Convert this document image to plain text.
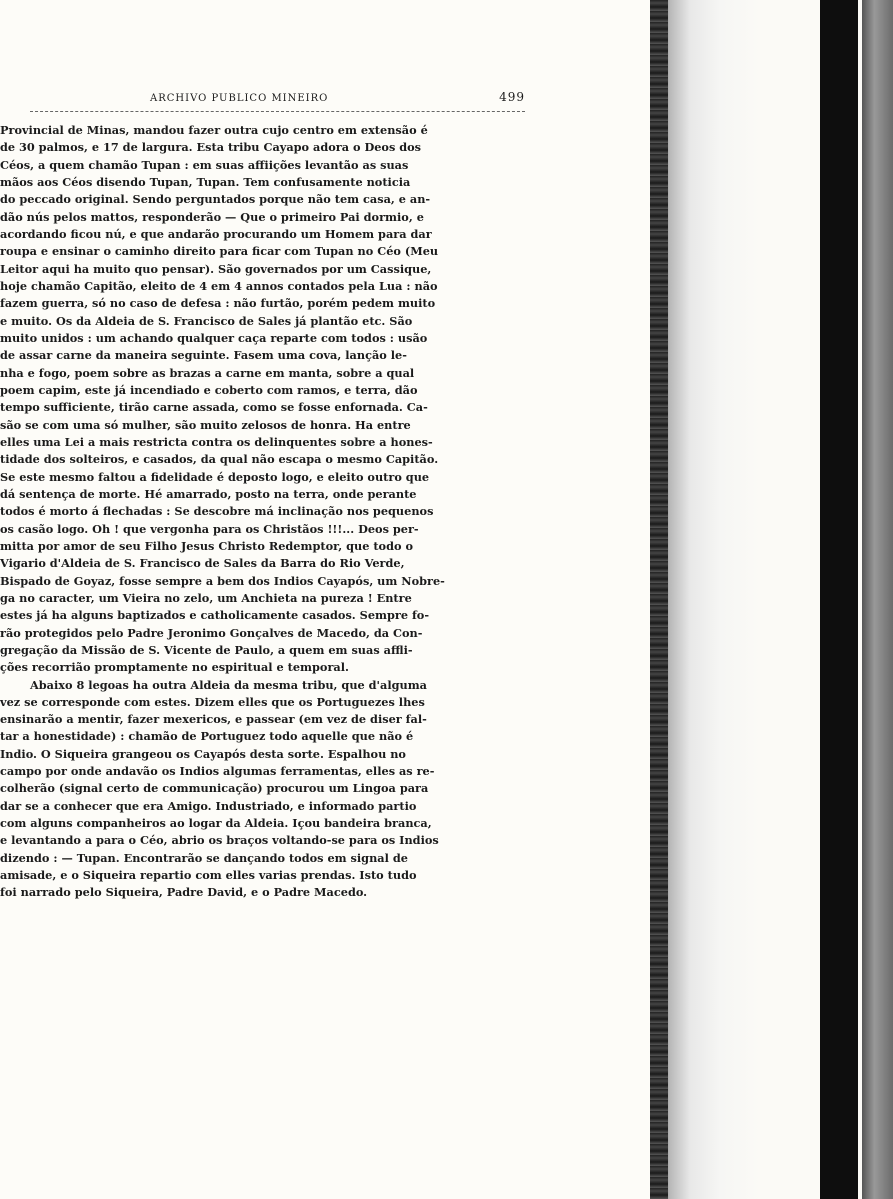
ARCHIVO PUBLICO MINEIRO	499
Provincial de Minas, mandou fazer outra cujo centro em extensão é
de 30 palmos, e 17 de largura. Esta tribu Cayapo adora o Deos dos
Céos, a quem chamão Tupan : em suas affiições levantão as suas
mãos aos Céos disendo Tupan, Tupan. Tem confusamente noticia
do peccado original. Sendo perguntados porque não tem casa, e an-
dão nús pelos mattos, responderão — Que o primeiro Pai dormio, e
acordando ficou nú, e que andarão procurando um Homem para dar
roupa e ensinar o caminho direito para ficar com Tupan no Céo (Meu
Leitor aqui ha muito quo pensar). São governados por um Cassique,
hoje chamão Capitão, eleito de 4 em 4 annos contados pela Lua : não
fazem guerra, só no caso de defesa : não furtão, porém pedem muito
e muito. Os da Aldeia de S. Francisco de Sales já plantão etc. São
muito unidos : um achando qualquer caça reparte com todos : usão
de assar carne da maneira seguinte. Fasem uma cova, lanção le-
nha e fogo, poem sobre as brazas a carne em manta, sobre a qual
poem capim, este já incendiado e coberto com ramos, e terra, dão
tempo sufficiente, tirão carne assada, como se fosse enfornada. Ca-
são se com uma só mulher, são muito zelosos de honra. Ha entre
elles uma Lei a mais restricta contra os delinquentes sobre a hones-
tidade dos solteiros, e casados, da qual não escapa o mesmo Capitão.
Se este mesmo faltou a fidelidade é deposto logo, e eleito outro que
dá sentença de morte. Hé amarrado, posto na terra, onde perante
todos é morto á flechadas : Se descobre má inclinação nos pequenos
os casão logo. Oh ! que vergonha para os Christãos !!!... Deos per-
mitta por amor de seu Filho Jesus Christo Redemptor, que todo o
Vigario d'Aldeia de S. Francisco de Sales da Barra do Rio Verde,
Bispado de Goyaz, fosse sempre a bem dos Indios Cayapós, um Nobre-
ga no caracter, um Vieira no zelo, um Anchieta na pureza ! Entre
estes já ha alguns baptizados e catholicamente casados. Sempre fo-
rão protegidos pelo Padre Jeronimo Gonçalves de Macedo, da Con-
gregação da Missão de S. Vicente de Paulo, a quem em suas affli-
ções recorrião promptamente no espiritual e temporal.
Abaixo 8 legoas ha outra Aldeia da mesma tribu, que d'alguma
vez se corresponde com estes. Dizem elles que os Portuguezes lhes
ensinarão a mentir, fazer mexericos, e passear (em vez de diser fal-
tar a honestidade) : chamão de Portuguez todo aquelle que não é
Indio. O Siqueira grangeou os Cayapós desta sorte. Espalhou no
campo por onde andavão os Indios algumas ferramentas, elles as re-
colherão (signal certo de communicação) procurou um Lingoa para
dar se a conhecer que era Amigo. Industriado, e informado partio
com alguns companheiros ao logar da Aldeia. Içou bandeira branca,
e levantando a para o Céo, abrio os braços voltando-se para os Indios
dizendo : — Tupan. Encontrarão se dançando todos em signal de
amisade, e o Siqueira repartio com elles varias prendas. Isto tudo
foi narrado pelo Siqueira, Padre David, e o Padre Macedo.
